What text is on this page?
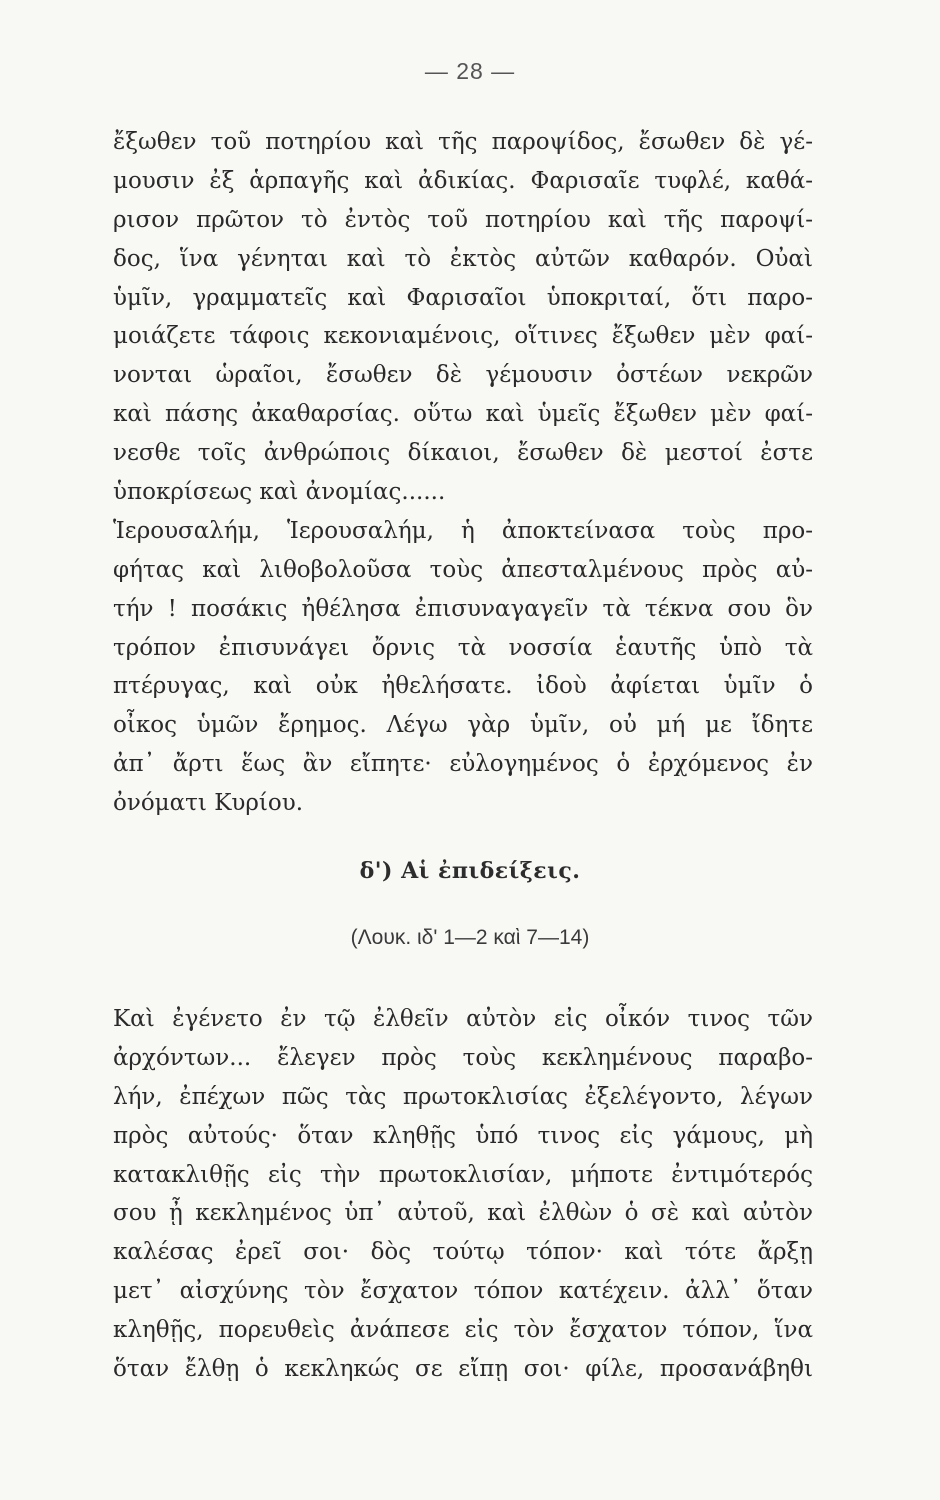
— 28 —
ἔξωθεν τοῦ ποτηρίου καὶ τῆς παροψίδος, ἔσωθεν δὲ γέ-
μουσιν ἐξ ἁρπαγῆς καὶ ἀδικίας. Φαρισαῖε τυφλέ, καθά-
ρισον πρῶτον τὸ ἐντὸς τοῦ ποτηρίου καὶ τῆς παροψί-
δος, ἵνα γένηται καὶ τὸ ἐκτὸς αὐτῶν καθαρόν. Οὐαὶ
ὑμῖν, γραμματεῖς καὶ Φαρισαῖοι ὑποκριταί, ὅτι παρο-
μοιάζετε τάφοις κεκονιαμένοις, οἵτινες ἔξωθεν μὲν φαί-
νονται ὡραῖοι, ἔσωθεν δὲ γέμουσιν ὀστέων νεκρῶν
καὶ πάσης ἀκαθαρσίας. οὕτω καὶ ὑμεῖς ἔξωθεν μὲν φαί-
νεσθε τοῖς ἀνθρώποις δίκαιοι, ἔσωθεν δὲ μεστοί ἐστε
ὑποκρίσεως καὶ ἀνομίας......
Ἱερουσαλήμ, Ἱερουσαλήμ, ἡ ἀποκτείνασα τοὺς προ-
φήτας καὶ λιθοβολοῦσα τοὺς ἀπεσταλμένους πρὸς αὐ-
τήν ! ποσάκις ἠθέλησα ἐπισυναγαγεῖν τὰ τέκνα σου ὃν
τρόπον ἐπισυνάγει ὄρνις τὰ νοσσία ἑαυτῆς ὑπὸ τὰ
πτέρυγας, καὶ οὐκ ἠθελήσατε. ἰδοὺ ἀφίεται ὑμῖν ὁ
οἶκος ὑμῶν ἔρημος. Λέγω γὰρ ὑμῖν, οὐ μή με ἴδητε
ἀπ᾽ ἄρτι ἕως ἂν εἴπητε· εὐλογημένος ὁ ἐρχόμενος ἐν
ὀνόματι Κυρίου.
δ') Αἱ ἐπιδείξεις.
(Λουκ. ιδ' 1—2 καὶ 7—14)
Καὶ ἐγένετο ἐν τῷ ἐλθεῖν αὐτὸν εἰς οἶκόν τινος τῶν
ἀρχόντων... ἔλεγεν πρὸς τοὺς κεκλημένους παραβο-
λήν, ἐπέχων πῶς τὰς πρωτοκλισίας ἐξελέγοντο, λέγων
πρὸς αὐτούς· ὅταν κληθῇς ὑπό τινος εἰς γάμους, μὴ
κατακλιθῇς εἰς τὴν πρωτοκλισίαν, μήποτε ἐντιμότερός
σου ᾖ κεκλημένος ὑπ᾽ αὐτοῦ, καὶ ἐλθὼν ὁ σὲ καὶ αὐτὸν
καλέσας ἐρεῖ σοι· δὸς τούτῳ τόπον· καὶ τότε ἄρξῃ
μετ᾽ αἰσχύνης τὸν ἔσχατον τόπον κατέχειν. ἀλλ᾽ ὅταν
κληθῇς, πορευθεὶς ἀνάπεσε εἰς τὸν ἔσχατον τόπον, ἵνα
ὅταν ἔλθῃ ὁ κεκληκώς σε εἴπῃ σοι· φίλε, προσανάβηθι
